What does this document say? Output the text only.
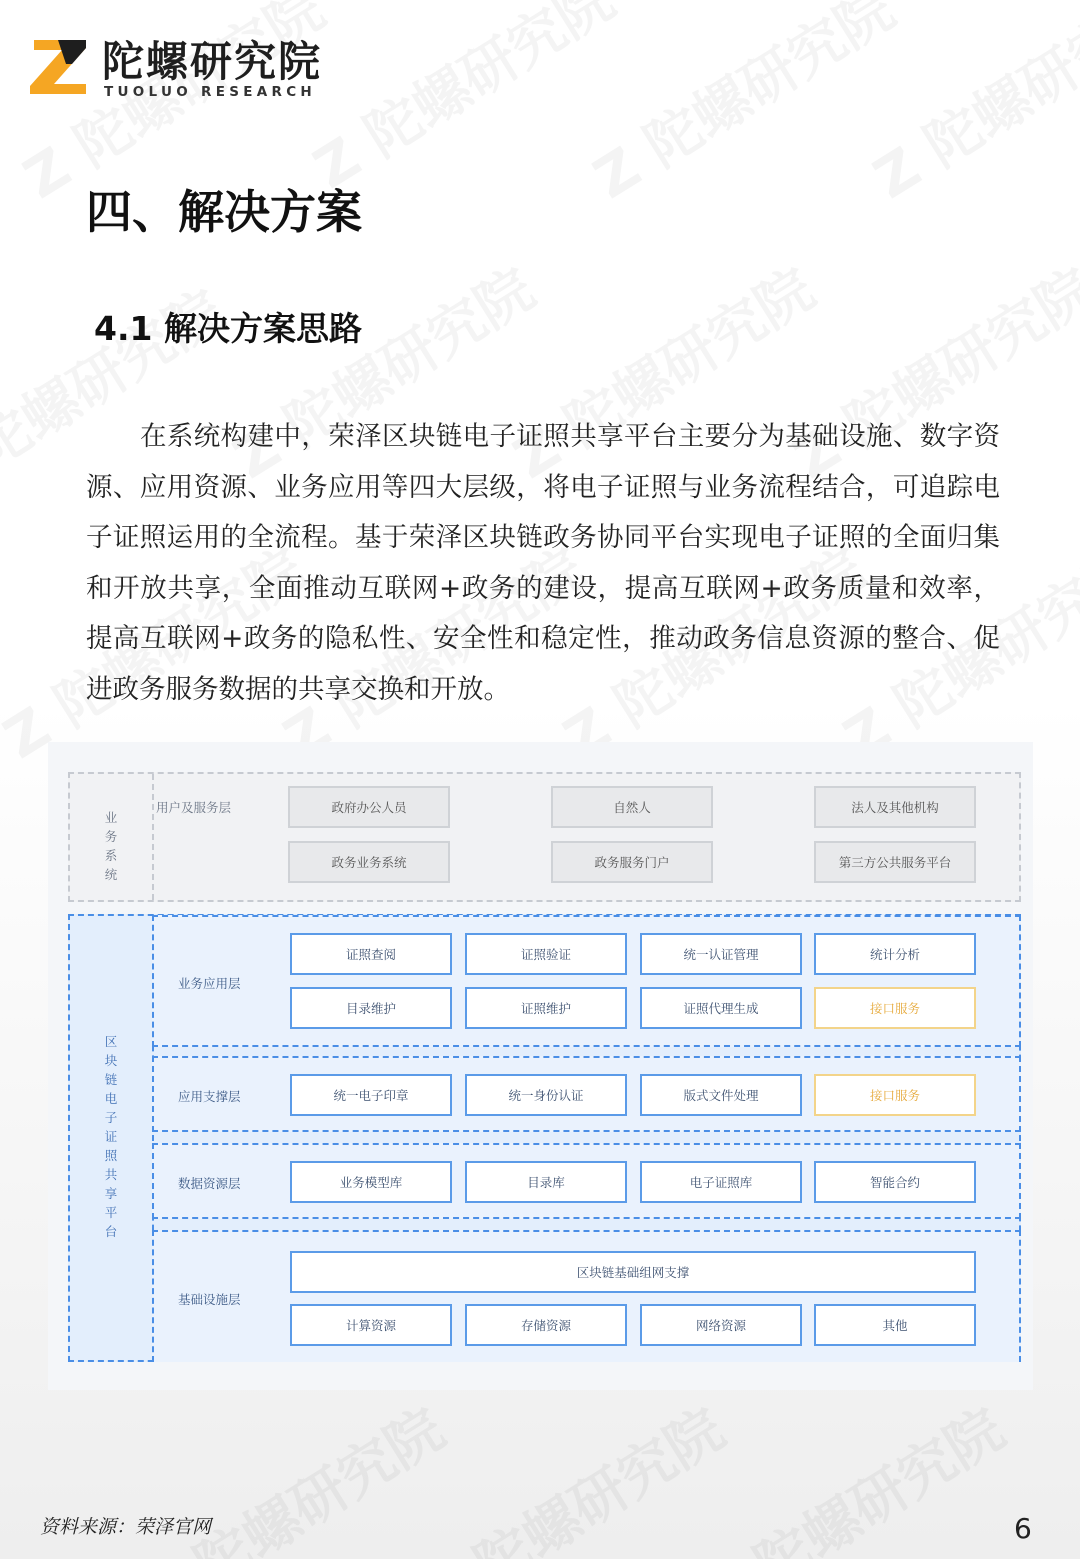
陀螺研究院
TUOLUO RESEARCH
四、解决方案
4.1 解决方案思路

在系统构建中，荣泽区块链电子证照共享平台主要分为基础设施、数字资源、应用资源、业务应用等四大层级，将电子证照与业务流程结合，可追踪电子证照运用的全流程。基于荣泽区块链政务协同平台实现电子证照的全面归集和开放共享，全面推动互联网+政务的建设，提高互联网+政务质量和效率，提高互联网+政务的隐私性、安全性和稳定性，推动政务信息资源的整合、促进政务服务数据的共享交换和开放。

业
务
系
统
用户及服务层	政府办公人员	自然人	法人及其他机构
政务业务系统	政务服务门户	第三方公共服务平台
区
块
链
电
子
证
照
共
享
平
台
业务应用层
证照查阅	证照验证	统一认证管理	统计分析
目录维护	证照维护	证照代理生成	接口服务
应用支撑层	统一电子印章	统一身份认证	版式文件处理	接口服务
数据资源层	业务模型库	目录库	电子证照库	智能合约
基础设施层
区块链基础组网支撑
计算资源	存储资源	网络资源	其他
资料来源：荣泽官网	6
